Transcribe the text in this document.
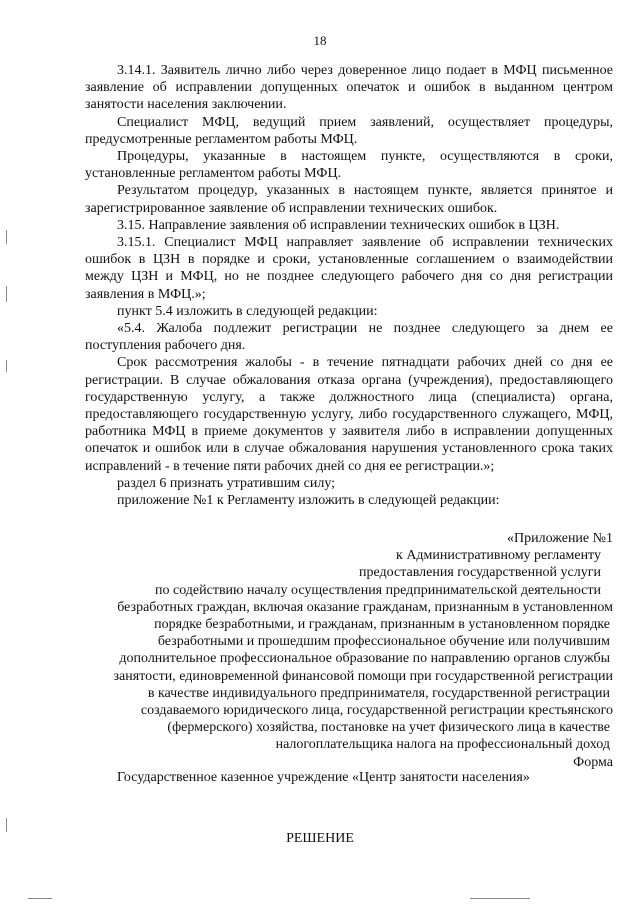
18

3.14.1. Заявитель лично либо через доверенное лицо подает в МФЦ письменное заявление об исправлении допущенных опечаток и ошибок в выданном центром занятости населения заключении.

Специалист МФЦ, ведущий прием заявлений, осуществляет процедуры, предусмотренные регламентом работы МФЦ.

Процедуры, указанные в настоящем пункте, осуществляются в сроки, установленные регламентом работы МФЦ.

Результатом процедур, указанных в настоящем пункте, является принятое и зарегистрированное заявление об исправлении технических ошибок.

3.15. Направление заявления об исправлении технических ошибок в ЦЗН.

3.15.1. Специалист МФЦ направляет заявление об исправлении технических ошибок в ЦЗН в порядке и сроки, установленные соглашением о взаимодействии между ЦЗН и МФЦ, но не позднее следующего рабочего дня со дня регистрации заявления в МФЦ.»;

пункт 5.4 изложить в следующей редакции:

«5.4. Жалоба подлежит регистрации не позднее следующего за днем ее поступления рабочего дня.

Срок рассмотрения жалобы - в течение пятнадцати рабочих дней со дня ее регистрации. В случае обжалования отказа органа (учреждения), предоставляющего государственную услугу, а также должностного лица (специалиста) органа, предоставляющего государственную услугу, либо государственного служащего, МФЦ, работника МФЦ в приеме документов у заявителя либо в исправлении допущенных опечаток и ошибок или в случае обжалования нарушения установленного срока таких исправлений - в течение пяти рабочих дней со дня ее регистрации.»;

раздел 6 признать утратившим силу;

приложение №1 к Регламенту изложить в следующей редакции:

«Приложение №1
к Административному регламенту
предоставления государственной услуги
по содействию началу осуществления предпринимательской деятельности
безработных граждан, включая оказание гражданам, признанным в установленном
порядке безработными, и гражданам, признанным в установленном порядке
безработными и прошедшим профессиональное обучение или получившим
дополнительное профессиональное образование по направлению органов службы
занятости, единовременной финансовой помощи при государственной регистрации
в качестве индивидуального предпринимателя, государственной регистрации
создаваемого юридического лица, государственной регистрации крестьянского
(фермерского) хозяйства, постановке на учет физического лица в качестве
налогоплательщика налога на профессиональный доход
Форма
Государственное казенное учреждение «Центр занятости населения»
РЕШЕНИЕ
